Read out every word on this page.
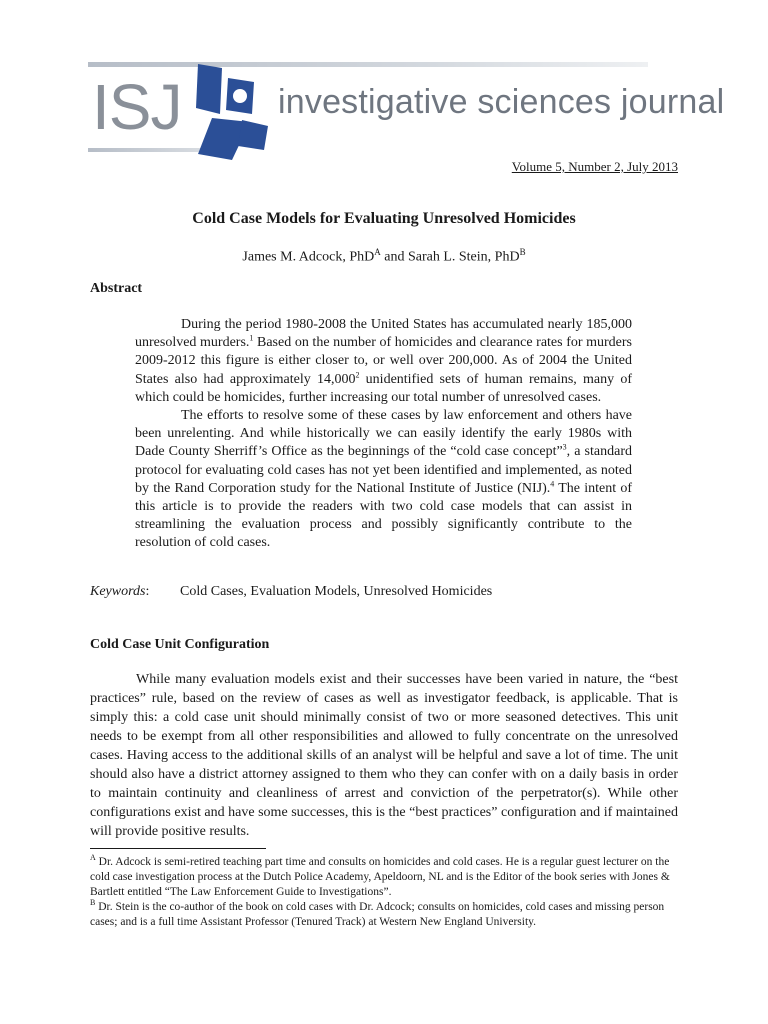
ISJ	investigative sciences journal
Volume 5, Number 2, July 2013
Cold Case Models for Evaluating Unresolved Homicides
James M. Adcock, PhD$^A$ and Sarah L. Stein, PhD$^B$
Abstract

During the period 1980-2008 the United States has accumulated nearly 185,000 unresolved murders.$^1$ Based on the number of homicides and clearance rates for murders 2009-2012 this figure is either closer to, or well over 200,000. As of 2004 the United States also had approximately 14,000$^2$ unidentified sets of human remains, many of which could be homicides, further increasing our total number of unresolved cases.

The efforts to resolve some of these cases by law enforcement and others have been unrelenting. And while historically we can easily identify the early 1980s with Dade County Sherriff’s Office as the beginnings of the “cold case concept”$^3$, a standard protocol for evaluating cold cases has not yet been identified and implemented, as noted by the Rand Corporation study for the National Institute of Justice (NIJ).$^4$ The intent of this article is to provide the readers with two cold case models that can assist in streamlining the evaluation process and possibly significantly contribute to the resolution of cold cases.

Keywords: Cold Cases, Evaluation Models, Unresolved Homicides
Cold Case Unit Configuration

While many evaluation models exist and their successes have been varied in nature, the “best practices” rule, based on the review of cases as well as investigator feedback, is applicable. That is simply this: a cold case unit should minimally consist of two or more seasoned detectives. This unit needs to be exempt from all other responsibilities and allowed to fully concentrate on the unresolved cases. Having access to the additional skills of an analyst will be helpful and save a lot of time. The unit should also have a district attorney assigned to them who they can confer with on a daily basis in order to maintain continuity and cleanliness of arrest and conviction of the perpetrator(s). While other configurations exist and have some successes, this is the “best practices” configuration and if maintained will provide positive results.

$^A$ Dr. Adcock is semi-retired teaching part time and consults on homicides and cold cases. He is a regular guest lecturer on the cold case investigation process at the Dutch Police Academy, Apeldoorn, NL and is the Editor of the book series with Jones & Bartlett entitled “The Law Enforcement Guide to Investigations”.

$^B$ Dr. Stein is the co-author of the book on cold cases with Dr. Adcock; consults on homicides, cold cases and missing person cases; and is a full time Assistant Professor (Tenured Track) at Western New England University.
